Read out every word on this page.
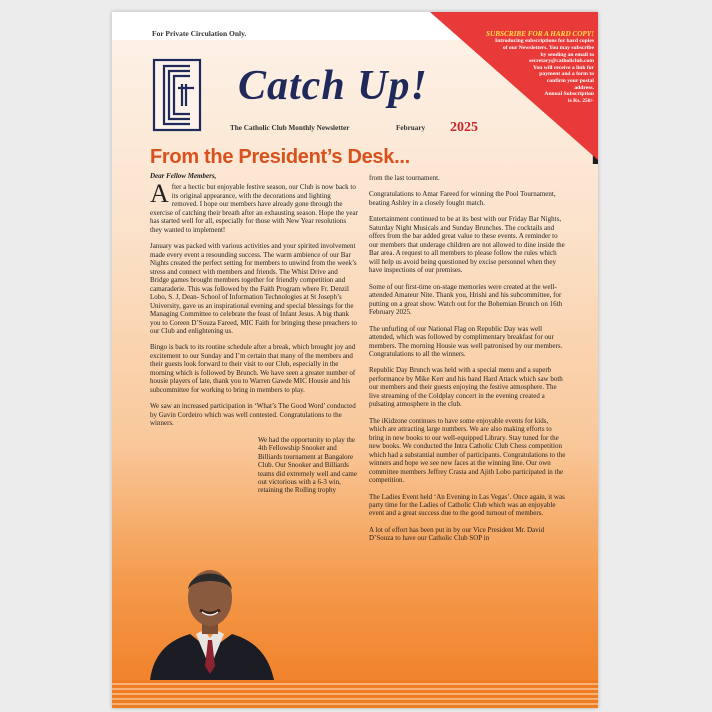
For Private Circulation Only.	SUBSCRIBE FOR A HARD COPY!
Introducing subscriptions for hard copies
of our Newsletters. You may subscribe
by sending an email to
secretary@catholiclub.com
You will receive a link for
payment and a form to
confirm your postal
address.
Annual Subscription
is Rs. 250/-
Catch Up!
The Catholic Club Monthly Newsletter	February 2025
From the President’s Desk...
Dear Fellow Members,

After a hectic but enjoyable festive season, our Club is now back to its original appearance, with the decorations and lighting removed. I hope our members have already gone through the exercise of catching their breath after an exhausting season. Hope the year has started well for all, especially for those with New Year resolutions they wanted to implement!

January was packed with various activities and your spirited involvement made every event a resounding success. The warm ambience of our Bar Nights created the perfect setting for members to unwind from the week’s stress and connect with members and friends. The Whist Drive and Bridge games brought members together for friendly competition and camaraderie. This was followed by the Faith Program where Fr. Denzil Lobo, S. J, Dean- School of Information Technologies at St Joseph’s University, gave us an inspirational evening and special blessings for the Managing Committee to celebrate the feast of Infant Jesus. A big thank you to Coreen D’Souza Fareed, MIC Faith for bringing these preachers to our Club and enlightening us.

Bingo is back to its routine schedule after a break, which brought joy and excitement to our Sunday and I’m certain that many of the members and their guests look forward to their visit to our Club, especially in the morning which is followed by Brunch. We have seen a greater number of housie players of late, thank you to Warren Gawde MIC Housie and his subcommittee for working to bring in members to play.

We saw an increased participation in ‘What’s The Good Word’ conducted by Gavin Cordeiro which was well contested. Congratulations to the winners.

We had the opportunity to play the 4th Fellowship Snooker and Billiards tournament at Bangalore Club. Our Snooker and Billiards teams did extremely well and came out victorious with a 6-3 win, retaining the Rolling trophy

from the last tournament.

Congratulations to Amar Fareed for winning the Pool Tournament, beating Ashley in a closely fought match.

Entertainment continued to be at its best with our Friday Bar Nights, Saturday Night Musicals and Sunday Brunches. The cocktails and offers from the bar added great value to these events. A reminder to our members that underage children are not allowed to dine inside the Bar area. A request to all members to please follow the rules which will help us avoid being questioned by excise personnel when they have inspections of our premises.

Some of our first-time on-stage memories were created at the well-attended Amateur Nite. Thank you, Hrishi and his subcommittee, for putting on a great show. Watch out for the Bohemian Brunch on 16th February 2025.

The unfurling of our National Flag on Republic Day was well attended, which was followed by complimentary breakfast for our members. The morning Housie was well patronised by our members. Congratulations to all the winners.

Republic Day Brunch was held with a special menu and a superb performance by Mike Kerr and his band Hard Attack which saw both our members and their guests enjoying the festive atmosphere. The live streaming of the Coldplay concert in the evening created a pulsating atmosphere in the club.

The iKidzone continues to have some enjoyable events for kids, which are attracting large numbers. We are also making efforts to bring in new books to our well-equipped Library. Stay tuned for the new books. We conducted the Intra Catholic Club Chess competition which had a substantial number of participants. Congratulations to the winners and hope we see new faces at the winning line. Our own committee members Jeffrey Crasta and Ajith Lobo participated in the competition.

The Ladies Event held ‘An Evening in Las Vegas’. Once again, it was party time for the Ladies of Catholic Club which was an enjoyable event and a great success due to the good turnout of members.

A lot of effort has been put in by our Vice President Mr. David D’Souza to have our Catholic Club SOP in
